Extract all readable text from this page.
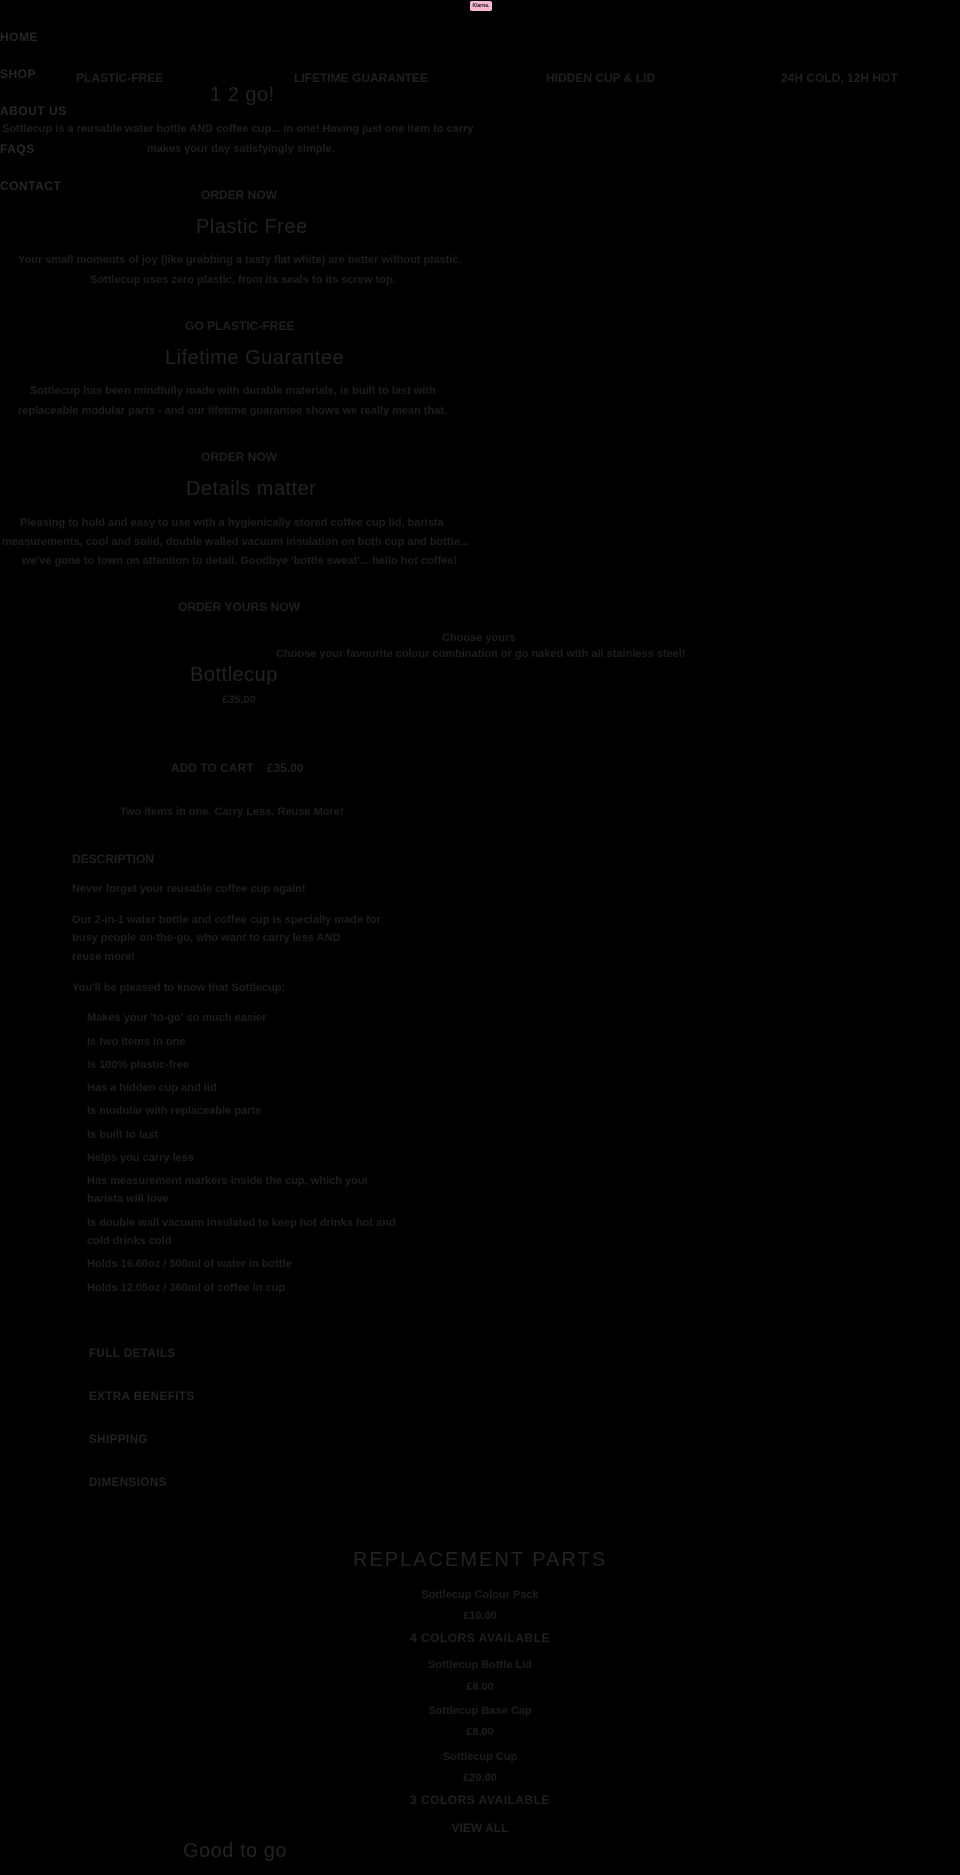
Klarna.
HOME
SHOP
ABOUT US
FAQS
CONTACT
PLASTIC-FREE	LIFETIME GUARANTEE	HIDDEN CUP & LID	24H COLD, 12H HOT
1 2 go!
Sottlecup is a reusable water bottle AND coffee cup... in one! Having just one item to carry
makes your day satisfyingly simple.
ORDER NOW
Plastic Free
Your small moments of joy (like grabbing a tasty flat white) are better without plastic.
Sottlecup uses zero plastic, from its seals to its screw top.
GO PLASTIC-FREE
Lifetime Guarantee
Sottlecup has been mindfully made with durable materials, is built to last with
replaceable modular parts - and our lifetime guarantee shows we really mean that.
ORDER NOW
Details matter
Pleasing to hold and easy to use with a hygienically stored coffee cup lid, barista
measurements, cool and solid, double walled vacuum insulation on both cup and bottle...
we've gone to town on attention to detail. Goodbye 'bottle sweat'... hello hot coffee!
ORDER YOURS NOW
Choose yours
Choose your favourite colour combination or go naked with all stainless steel!
Bottlecup
£35.00
ADD TO CART £35.00
Two items in one. Carry Less. Reuse More!
DESCRIPTION
Never forget your reusable coffee cup again!
Our 2-in-1 water bottle and coffee cup is specially made for
busy people on-the-go, who want to carry less AND
reuse more!
You'll be pleased to know that Sottlecup:
Makes your 'to-go' so much easier
Is two items in one
Is 100% plastic-free
Has a hidden cup and lid
Is modular with replaceable parts
Is built to last
Helps you carry less
Has measurement markers inside the cup, which your
barista will love
Is double wall vacuum insulated to keep hot drinks hot and
cold drinks cold
Holds 16.60oz / 500ml of water in bottle
Holds 12.05oz / 360ml of coffee in cup
FULL DETAILS
EXTRA BENEFITS
SHIPPING
DIMENSIONS
REPLACEMENT PARTS
Sottlecup Colour Pack
£10.00
4 COLORS AVAILABLE
Sottlecup Bottle Lid
£8.00
Sottlecup Base Cap
£8.00
Sottlecup Cup
£20.00
3 COLORS AVAILABLE
VIEW ALL
Good to go
